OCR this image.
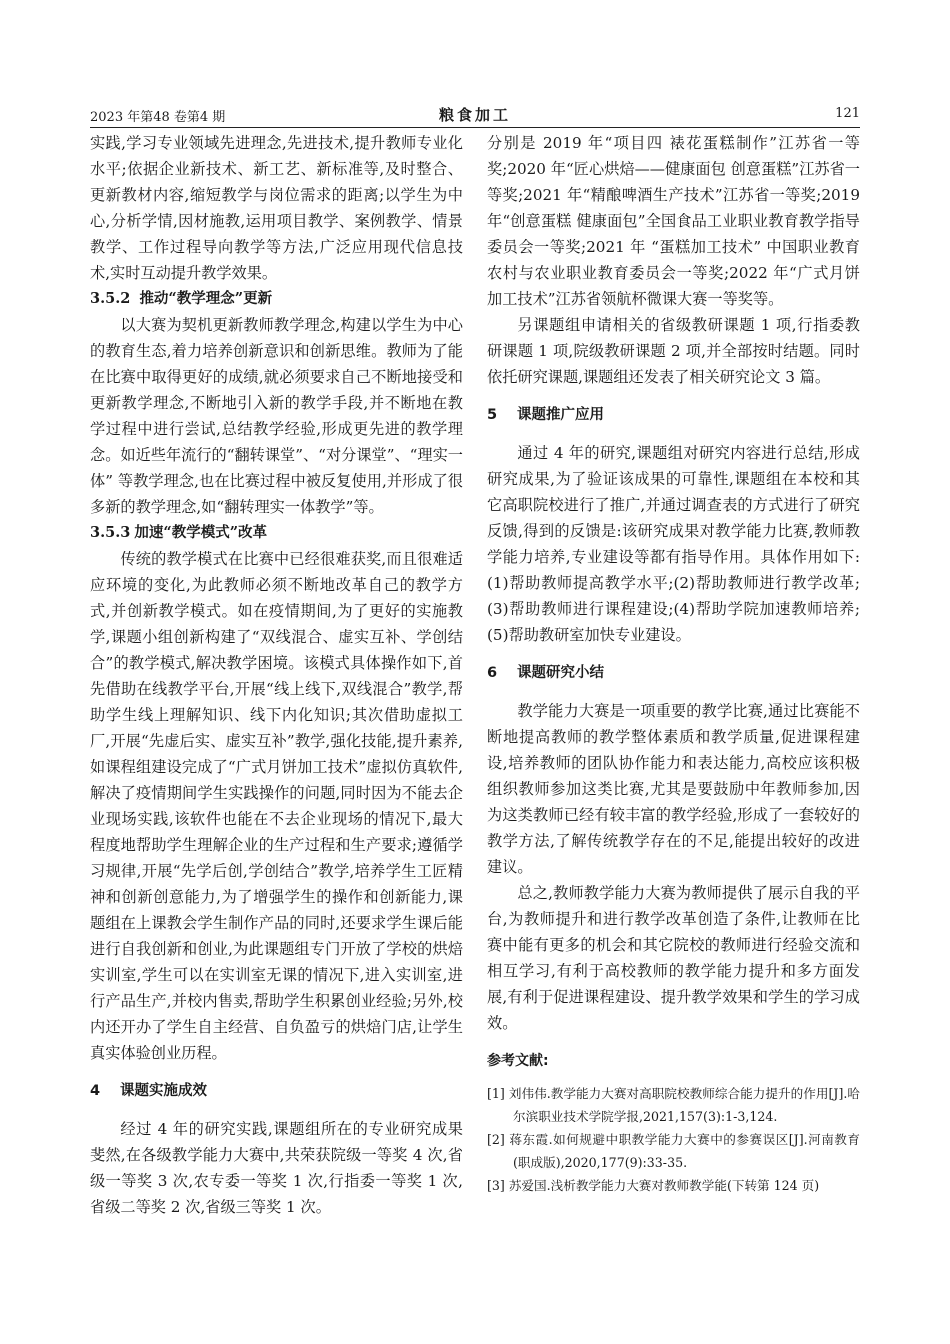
2023 年第48 卷第4 期	粮食加工	121

实践,学习专业领域先进理念,先进技术,提升教师专业化水平;依据企业新技术、新工艺、新标准等,及时整合、更新教材内容,缩短教学与岗位需求的距离;以学生为中心,分析学情,因材施教,运用项目教学、案例教学、情景教学、工作过程导向教学等方法,广泛应用现代信息技术,实时互动提升教学效果。

3.5.2 推动“教学理念”更新

以大赛为契机更新教师教学理念,构建以学生为中心的教育生态,着力培养创新意识和创新思维。教师为了能在比赛中取得更好的成绩,就必须要求自己不断地接受和更新教学理念,不断地引入新的教学手段,并不断地在教学过程中进行尝试,总结教学经验,形成更先进的教学理念。如近些年流行的“翻转课堂”、“对分课堂”、“理实一体” 等教学理念,也在比赛过程中被反复使用,并形成了很多新的教学理念,如“翻转理实一体教学”等。

3.5.3 加速“教学模式”改革

传统的教学模式在比赛中已经很难获奖,而且很难适应环境的变化,为此教师必须不断地改革自己的教学方式,并创新教学模式。如在疫情期间,为了更好的实施教学,课题小组创新构建了“双线混合、虚实互补、学创结合”的教学模式,解决教学困境。该模式具体操作如下,首先借助在线教学平台,开展“线上线下,双线混合”教学,帮助学生线上理解知识、线下内化知识;其次借助虚拟工厂,开展“先虚后实、虚实互补”教学,强化技能,提升素养,如课程组建设完成了“广式月饼加工技术”虚拟仿真软件,解决了疫情期间学生实践操作的问题,同时因为不能去企业现场实践,该软件也能在不去企业现场的情况下,最大程度地帮助学生理解企业的生产过程和生产要求;遵循学习规律,开展“先学后创,学创结合”教学,培养学生工匠精神和创新创意能力,为了增强学生的操作和创新能力,课题组在上课教会学生制作产品的同时,还要求学生课后能进行自我创新和创业,为此课题组专门开放了学校的烘焙实训室,学生可以在实训室无课的情况下,进入实训室,进行产品生产,并校内售卖,帮助学生积累创业经验;另外,校内还开办了学生自主经营、自负盈亏的烘焙门店,让学生真实体验创业历程。

4 课题实施成效

经过 4 年的研究实践,课题组所在的专业研究成果斐然,在各级教学能力大赛中,共荣获院级一等奖 4 次,省级一等奖 3 次,农专委一等奖 1 次,行指委一等奖 1 次,省级二等奖 2 次,省级三等奖 1 次。

分别是 2019 年“项目四 裱花蛋糕制作”江苏省一等奖;2020 年“匠心烘焙——健康面包 创意蛋糕”江苏省一等奖;2021 年“精酿啤酒生产技术”江苏省一等奖;2019 年“创意蛋糕 健康面包”全国食品工业职业教育教学指导委员会一等奖;2021 年 “蛋糕加工技术” 中国职业教育农村与农业职业教育委员会一等奖;2022 年“广式月饼加工技术”江苏省领航杯微课大赛一等奖等。

另课题组申请相关的省级教研课题 1 项,行指委教研课题 1 项,院级教研课题 2 项,并全部按时结题。同时依托研究课题,课题组还发表了相关研究论文 3 篇。

5 课题推广应用

通过 4 年的研究,课题组对研究内容进行总结,形成研究成果,为了验证该成果的可靠性,课题组在本校和其它高职院校进行了推广,并通过调查表的方式进行了研究反馈,得到的反馈是:该研究成果对教学能力比赛,教师教学能力培养,专业建设等都有指导作用。具体作用如下:(1)帮助教师提高教学水平;(2)帮助教师进行教学改革;(3)帮助教师进行课程建设;(4)帮助学院加速教师培养;(5)帮助教研室加快专业建设。

6 课题研究小结

教学能力大赛是一项重要的教学比赛,通过比赛能不断地提高教师的教学整体素质和教学质量,促进课程建设,培养教师的团队协作能力和表达能力,高校应该积极组织教师参加这类比赛,尤其是要鼓励中年教师参加,因为这类教师已经有较丰富的教学经验,形成了一套较好的教学方法,了解传统教学存在的不足,能提出较好的改进建议。

总之,教师教学能力大赛为教师提供了展示自我的平台,为教师提升和进行教学改革创造了条件,让教师在比赛中能有更多的机会和其它院校的教师进行经验交流和相互学习,有利于高校教师的教学能力提升和多方面发展,有利于促进课程建设、提升教学效果和学生的学习成效。

参考文献:
[1] 刘伟伟.教学能力大赛对高职院校教师综合能力提升的作用[J].哈尔滨职业技术学院学报,2021,157(3):1-3,124.
[2] 蒋东霞.如何规避中职教学能力大赛中的参赛误区[J].河南教育(职成版),2020,177(9):33-35.
[3] 苏爱国.浅析教学能力大赛对教师教学能(下转第 124 页)
